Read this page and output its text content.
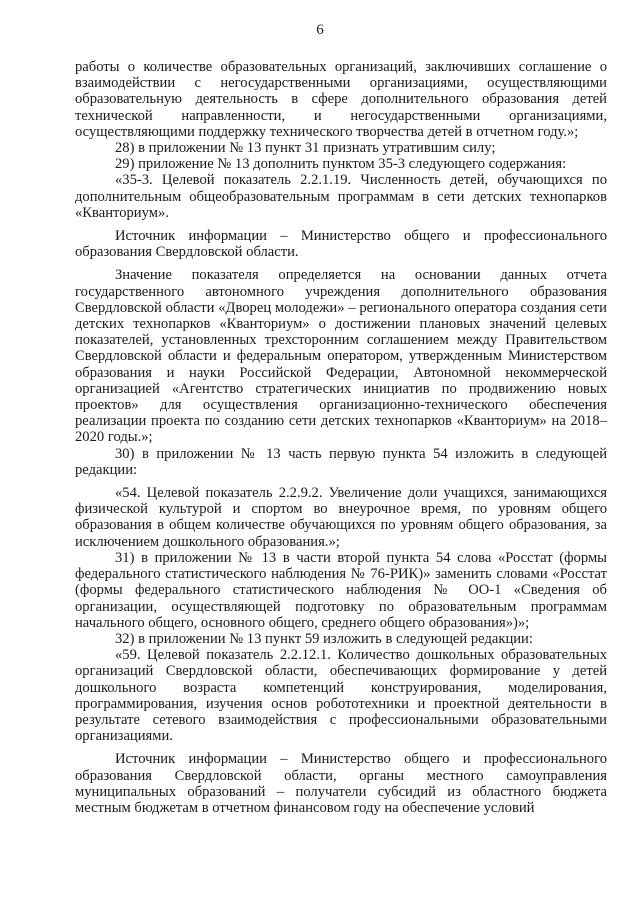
6

работы о количестве образовательных организаций, заключивших соглашение о взаимодействии с негосударственными организациями, осуществляющими образовательную деятельность в сфере дополнительного образования детей технической направленности, и негосударственными организациями, осуществляющими поддержку технического творчества детей в отчетном году.»;

28) в приложении № 13 пункт 31 признать утратившим силу;

29) приложение № 13 дополнить пунктом 35-3 следующего содержания:

«35-3. Целевой показатель 2.2.1.19. Численность детей, обучающихся по дополнительным общеобразовательным программам в сети детских технопарков «Кванториум».

Источник информации – Министерство общего и профессионального образования Свердловской области.

Значение показателя определяется на основании данных отчета государственного автономного учреждения дополнительного образования Свердловской области «Дворец молодежи» – регионального оператора создания сети детских технопарков «Кванториум» о достижении плановых значений целевых показателей, установленных трехсторонним соглашением между Правительством Свердловской области и федеральным оператором, утвержденным Министерством образования и науки Российской Федерации, Автономной некоммерческой организацией «Агентство стратегических инициатив по продвижению новых проектов» для осуществления организационно-технического обеспечения реализации проекта по созданию сети детских технопарков «Кванториум» на 2018–2020 годы.»;

30) в приложении № 13 часть первую пункта 54 изложить в следующей редакции:

«54. Целевой показатель 2.2.9.2. Увеличение доли учащихся, занимающихся физической культурой и спортом во внеурочное время, по уровням общего образования в общем количестве обучающихся по уровням общего образования, за исключением дошкольного образования.»;

31) в приложении № 13 в части второй пункта 54 слова «Росстат (формы федерального статистического наблюдения № 76-РИК)» заменить словами «Росстат (формы федерального статистического наблюдения № ОО-1 «Сведения об организации, осуществляющей подготовку по образовательным программам начального общего, основного общего, среднего общего образования»)»;

32) в приложении № 13 пункт 59 изложить в следующей редакции:

«59. Целевой показатель 2.2.12.1. Количество дошкольных образовательных организаций Свердловской области, обеспечивающих формирование у детей дошкольного возраста компетенций конструирования, моделирования, программирования, изучения основ робототехники и проектной деятельности в результате сетевого взаимодействия с профессиональными образовательными организациями.

Источник информации – Министерство общего и профессионального образования Свердловской области, органы местного самоуправления муниципальных образований – получатели субсидий из областного бюджета местным бюджетам в отчетном финансовом году на обеспечение условий
